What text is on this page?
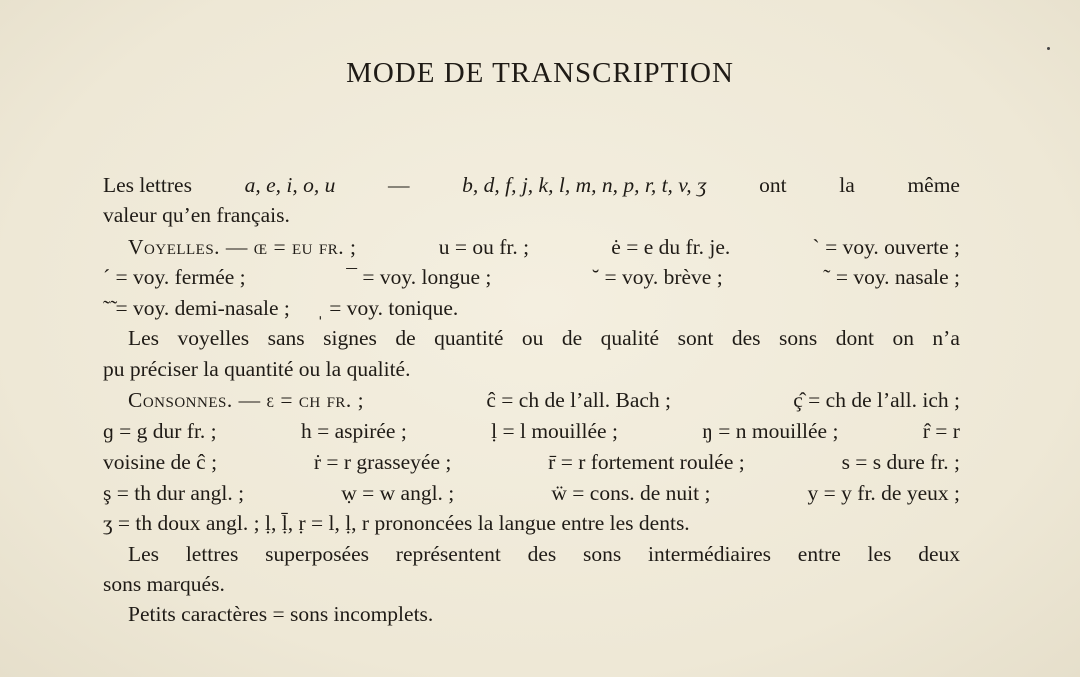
MODE DE TRANSCRIPTION
Les lettres a, e, i, o, u — b, d, f, j, k, l, m, n, p, r, t, v, ʒ ont la même
valeur qu’en français.
Voyelles. — œ = eu fr. ;	u = ou fr. ;	ė = e du fr. je.	ˋ = voy. ouverte ;
ˊ = voy. fermée ;	¯ = voy. longue ;	˘ = voy. brève ;	˜ = voy. nasale ;
˜̃ = voy. demi-nasale ;     ˌ = voy. tonique.
Les voyelles sans signes de quantité ou de qualité sont des sons dont on n’a
pu préciser la quantité ou la qualité.
Consonnes. — ɛ = ch fr. ;	ĉ = ch de l’all. Bach ;	ç̂ = ch de l’all. ich ;
ɡ = g dur fr. ;	h = aspirée ;	ḷ = l mouillée ;	ŋ = n mouillée ;	r̂ = r
voisine de ĉ ;	ṙ = r grasseyée ;	r̄ = r fortement roulée ;	s = s dure fr. ;
ş = th dur angl. ;	ẉ = w angl. ;	ẅ = cons. de nuit ;	y = y fr. de yeux ;
ʒ = th doux angl. ; ḷ, ḹ, ṛ = l, ḷ, r prononcées la langue entre les dents.
Les lettres superposées représentent des sons intermédiaires entre les deux
sons marqués.
Petits caractères = sons incomplets.
